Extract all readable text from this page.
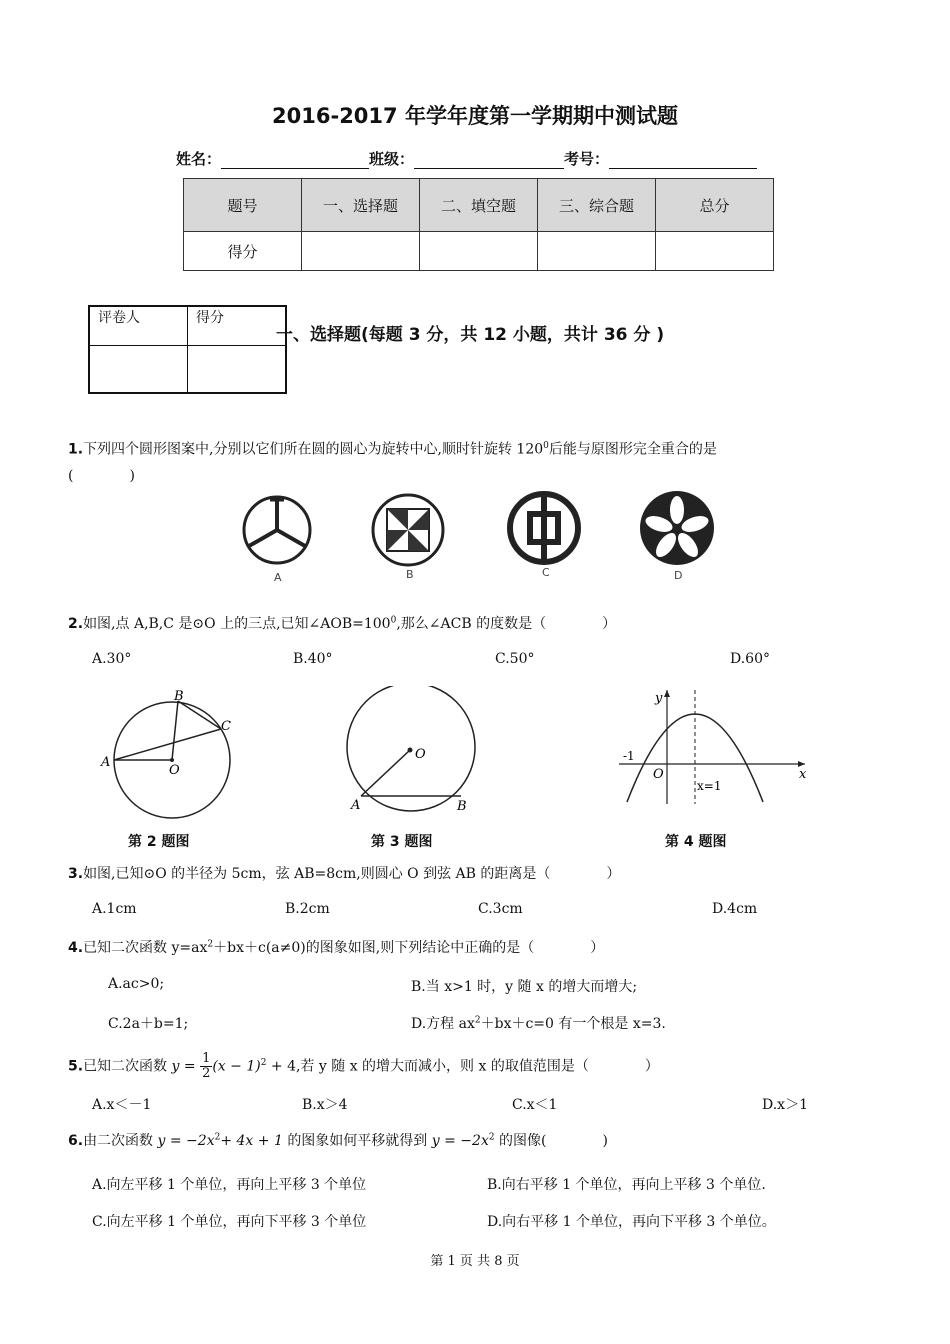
2016-2017 年学年度第一学期期中测试题
姓名：	班级：	考号：
题号	一、选择题	二、填空题	三、综合题	总分
得分				
评卷人	得分

一、选择题(每题 3 分，共 12 小题，共计 36 分 )
1.下列四个圆形图案中,分别以它们所在圆的圆心为旋转中心,顺时针旋转 $120^0$后能与原图形完全重合的是
(　　　　)
A	B	C	D
2.如图,点 A,B,C 是⊙O 上的三点,已知$\angle AOB=100^0$,那么∠ACB 的度数是（　　　　）
A.30°	B.40°	C.50°	D.60°
B
C
A
O
O
A	B
y
-1
O	x
x=1
第 2 题图	第 3 题图	第 4 题图
3.如图,已知⊙O 的半径为 5cm，弦 AB=8cm,则圆心 O 到弦 AB 的距离是（　　　　）
A.1cm	B.2cm	C.3cm	D.4cm
4.已知二次函数 $y=ax^2+bx+c(a\ne 0)$的图象如图,则下列结论中正确的是（　　　　）
A.ac>0;	B.当 x>1 时，y 随 x 的增大而增大;
C.2a＋b=1;	D.方程 $ax^2+bx+c=0$ 有一个根是 x=3.
5.已知二次函数 $y = \frac{1}{2} (x - 1)^2 + 4$,若 y 随 x 的增大而减小，则 x 的取值范围是（　　　　）
A.x＜－1	B.x＞4	C.x＜1	D.x＞1
6.由二次函数 $y = -2x^2+ 4x + 1$ 的图象如何平移就得到 $y = -2x^2$ 的图像(　　　　)
A.向左平移 1 个单位，再向上平移 3 个单位	B.向右平移 1 个单位，再向上平移 3 个单位.
C.向左平移 1 个单位，再向下平移 3 个单位	D.向右平移 1 个单位，再向下平移 3 个单位。
第 1 页 共 8 页
